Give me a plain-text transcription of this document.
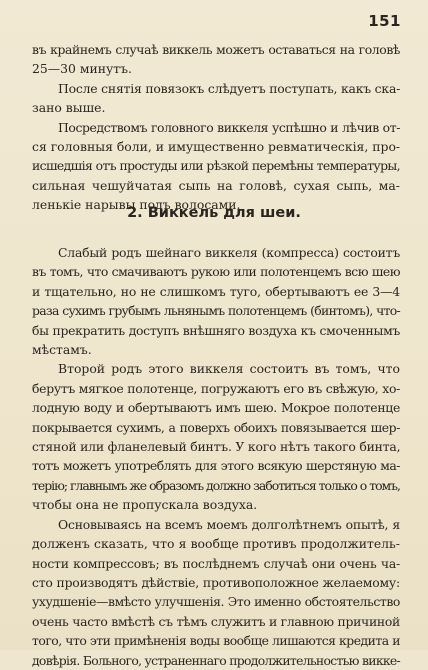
151
въ крайнемъ случаѣ виккель можетъ оставаться на головѣ
25—30 минутъ.
После снятія повязокъ слѣдуетъ поступать, какъ ска-
зано выше.
Посредствомъ головного виккеля успѣшно и лѣчив от-
ся головныя боли, и имущественно ревматическія, про-
исшедшія отъ простуды или рѣзкой перемѣны температуры,
сильная чешуйчатая сыпь на головѣ, сухая сыпь, ма-
ленькіе нарывы подъ волосами.
2. Виккель для шеи.
Слабый родъ шейнаго виккеля (компресса) состоитъ
въ томъ, что смачиваютъ рукою или полотенцемъ всю шею
и тщательно, но не слишкомъ туго, обертываютъ ее 3—4
раза сухимъ грубымъ льнянымъ полотенцемъ (бинтомъ), что-
бы прекратить доступъ внѣшняго воздуха къ смоченнымъ
мѣстамъ.
Второй родъ этого виккеля состоитъ въ томъ, что
берутъ мягкое полотенце, погружаютъ его въ свѣжую, хо-
лодную воду и обертываютъ имъ шею. Мокрое полотенце
покрывается сухимъ, а поверхъ обоихъ повязывается шер-
стяной или фланелевый бинтъ. У кого нѣтъ такого бинта,
тотъ можетъ употреблять для этого всякую шерстяную ма-
терію; главнымъ же образомъ должно заботиться только о томъ,
чтобы она не пропускала воздуха.
Основываясь на всемъ моемъ долголѣтнемъ опытѣ, я
долженъ сказать, что я вообще противъ продолжитель-
ности компрессовъ; въ послѣднемъ случаѣ они очень ча-
сто производятъ дѣйствіе, противоположное желаемому:
ухудшеніе—вмѣсто улучшенія. Это именно обстоятельство
очень часто вмѣстѣ съ тѣмъ служитъ и главною причиной
того, что эти примѣненія воды вообще лишаются кредита и
довѣрія. Больного, устраненнаго продолжительностью викке-
